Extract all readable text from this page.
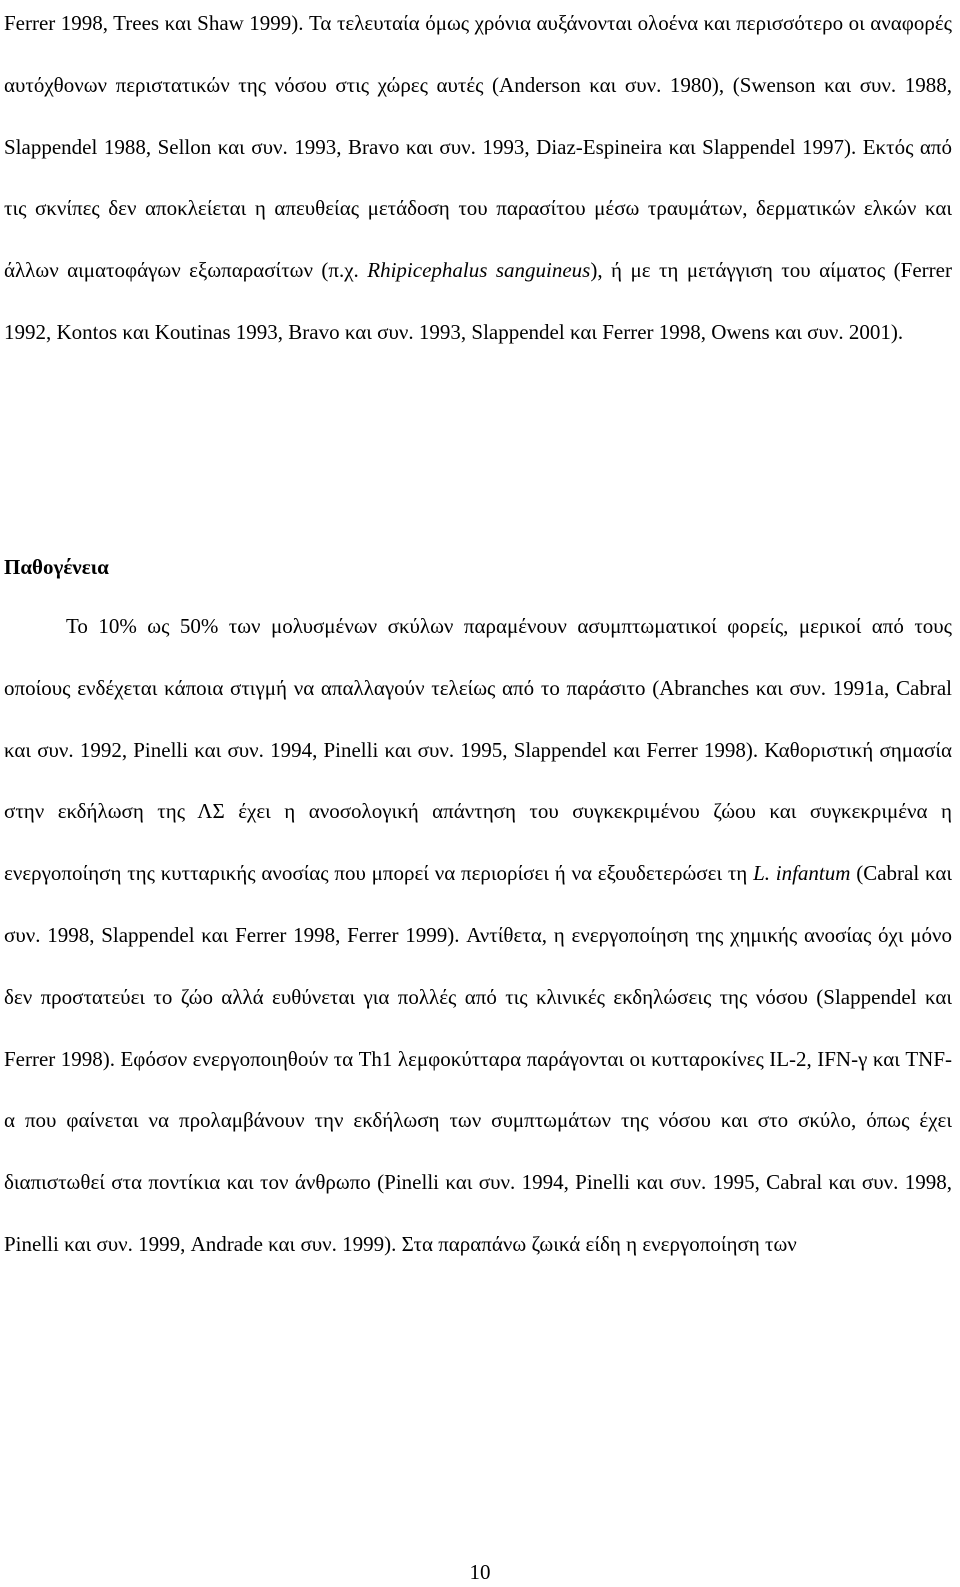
Ferrer 1998, Trees και Shaw 1999). Τα τελευταία όμως χρόνια αυξάνονται ολοένα και περισσότερο οι αναφορές αυτόχθονων περιστατικών της νόσου στις χώρες αυτές (Anderson και συν. 1980), (Swenson και συν. 1988, Slappendel 1988, Sellon και συν. 1993, Bravo και συν. 1993, Diaz-Espineira και Slappendel 1997). Εκτός από τις σκνίπες δεν αποκλείεται η απευθείας μετάδοση του παρασίτου μέσω τραυμάτων, δερματικών ελκών και άλλων αιματοφάγων εξωπαρασίτων (π.χ. Rhipicephalus sanguineus), ή με τη μετάγγιση του αίματος (Ferrer 1992, Kontos και Koutinas 1993, Bravo και συν. 1993, Slappendel και Ferrer 1998, Owens και συν. 2001).

Παθογένεια

Το 10% ως 50% των μολυσμένων σκύλων παραμένουν ασυμπτωματικοί φορείς, μερικοί από τους οποίους ενδέχεται κάποια στιγμή να απαλλαγούν τελείως από το παράσιτο (Abranches και συν. 1991a, Cabral και συν. 1992, Pinelli και συν. 1994, Pinelli και συν. 1995, Slappendel και Ferrer 1998). Καθοριστική σημασία στην εκδήλωση της ΛΣ έχει η ανοσολογική απάντηση του συγκεκριμένου ζώου και συγκεκριμένα η ενεργοποίηση της κυτταρικής ανοσίας που μπορεί να περιορίσει ή να εξουδετερώσει τη L. infantum (Cabral και συν. 1998, Slappendel και Ferrer 1998, Ferrer 1999). Αντίθετα, η ενεργοποίηση της χημικής ανοσίας όχι μόνο δεν προστατεύει το ζώο αλλά ευθύνεται για πολλές από τις κλινικές εκδηλώσεις της νόσου (Slappendel και Ferrer 1998). Εφόσον ενεργοποιηθούν τα Th1 λεμφοκύτταρα παράγονται οι κυτταροκίνες IL-2, IFN-γ και TNF-α που φαίνεται να προλαμβάνουν την εκδήλωση των συμπτωμάτων της νόσου και στο σκύλο, όπως έχει διαπιστωθεί στα ποντίκια και τον άνθρωπο (Pinelli και συν. 1994, Pinelli και συν. 1995, Cabral και συν. 1998, Pinelli και συν. 1999, Andrade και συν. 1999). Στα παραπάνω ζωικά είδη η ενεργοποίηση των

10
